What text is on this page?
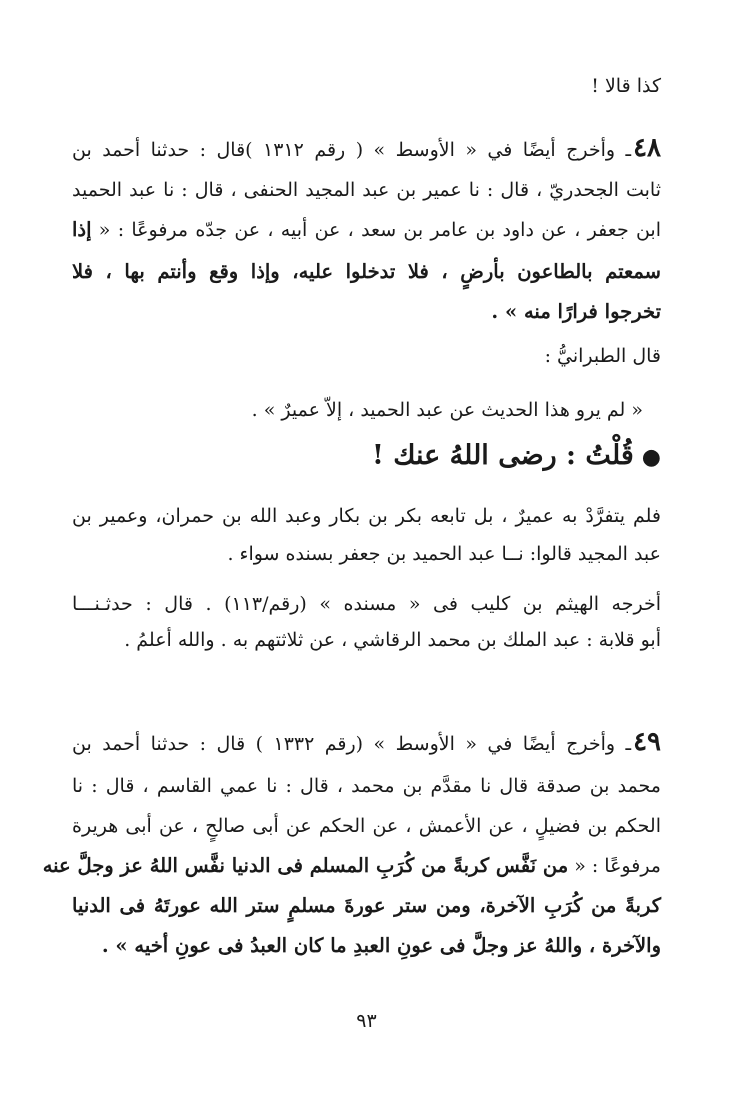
كذا قالا !
٤٨ـ وأخرج أيضًا في « الأوسط » ( رقم ١٣١٢ )قال : حدثنا أحمد بن
ثابت الجحدريّ ، قال : نا عمير بن عبد المجيد الحنفى ، قال : نا عبد الحميد
ابن جعفر ، عن داود بن عامر بن سعد ، عن أبيه ، عن جدّه مرفوعًا : « إذا
سمعتم بالطاعون بأرضٍ ، فلا تدخلوا عليه، وإذا وقع وأنتم بها ، فلا
تخرجوا فرارًا منه » .
قال الطبرانيُّ :
« لم يرو هذا الحديث عن عبد الحميد ، إلاّ عميرٌ » .
●قُلْتُ : رضى اللهُ عنك !
فلم يتفرَّدْ به عميرٌ ، بل تابعه بكر بن بكار وعبد الله بن حمران، وعمير بن
عبد المجيد قالوا: نــا عبد الحميد بن جعفر بسنده سواء .
أخرجه الهيثم بن كليب فى « مسنده » (رقم/١١٣) . قال : حدثـنـــا
أبو قلابة : عبد الملك بن محمد الرقاشي ، عن ثلاثتهم به . والله أعلمُ .
٤٩ـ وأخرج أيضًا في « الأوسط » (رقم ١٣٣٢ ) قال : حدثنا أحمد بن
محمد بن صدقة قال نا مقدَّم بن محمد ، قال : نا عمي القاسم ، قال : نا
الحكم بن فضيلٍ ، عن الأعمش ، عن الحكم عن أبى صالحٍ ، عن أبى هريرة
مرفوعًا : « من نَفَّس كربةً من كُرَبِ المسلم فى الدنيا نفَّس اللهُ عز وجلَّ عنه
كربةً من كُرَبِ الآخرة، ومن ستر عورةَ مسلمٍ ستر الله عورتَهُ فى الدنيا
والآخرة ، واللهُ عز وجلَّ فى عونِ العبدِ ما كان العبدُ فى عونِ أخيه » .
٩٣
